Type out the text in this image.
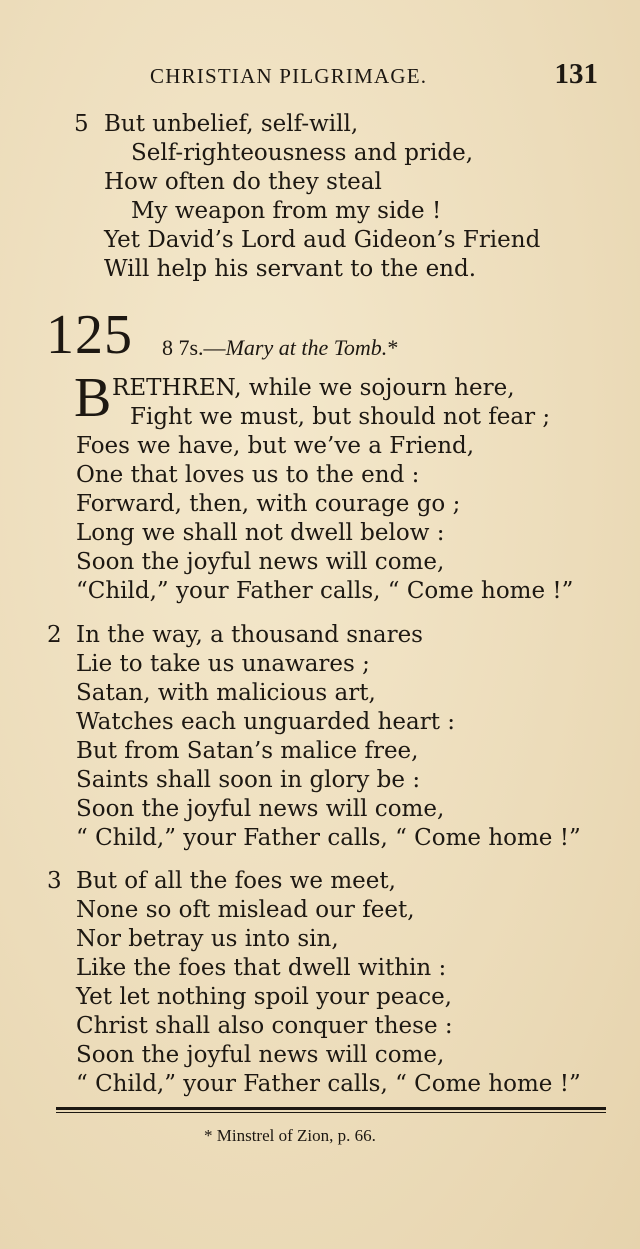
CHRISTIAN PILGRIMAGE.	131
5 But unbelief, self-will,
Self-righteousness and pride,
How often do they steal
My weapon from my side !
Yet David’s Lord aud Gideon’s Friend
Will help his servant to the end.
125 8 7s.—Mary at the Tomb.*
B RETHREN, while we sojourn here,
Fight we must, but should not fear ;
Foes we have, but we’ve a Friend,
One that loves us to the end :
Forward, then, with courage go ;
Long we shall not dwell below :
Soon the joyful news will come,
“Child,” your Father calls, “ Come home !”
2 In the way, a thousand snares
Lie to take us unawares ;
Satan, with malicious art,
Watches each unguarded heart :
But from Satan’s malice free,
Saints shall soon in glory be :
Soon the joyful news will come,
“ Child,” your Father calls, “ Come home !”
3 But of all the foes we meet,
None so oft mislead our feet,
Nor betray us into sin,
Like the foes that dwell within :
Yet let nothing spoil your peace,
Christ shall also conquer these :
Soon the joyful news will come,
“ Child,” your Father calls, “ Come home !”
* Minstrel of Zion, p. 66.
